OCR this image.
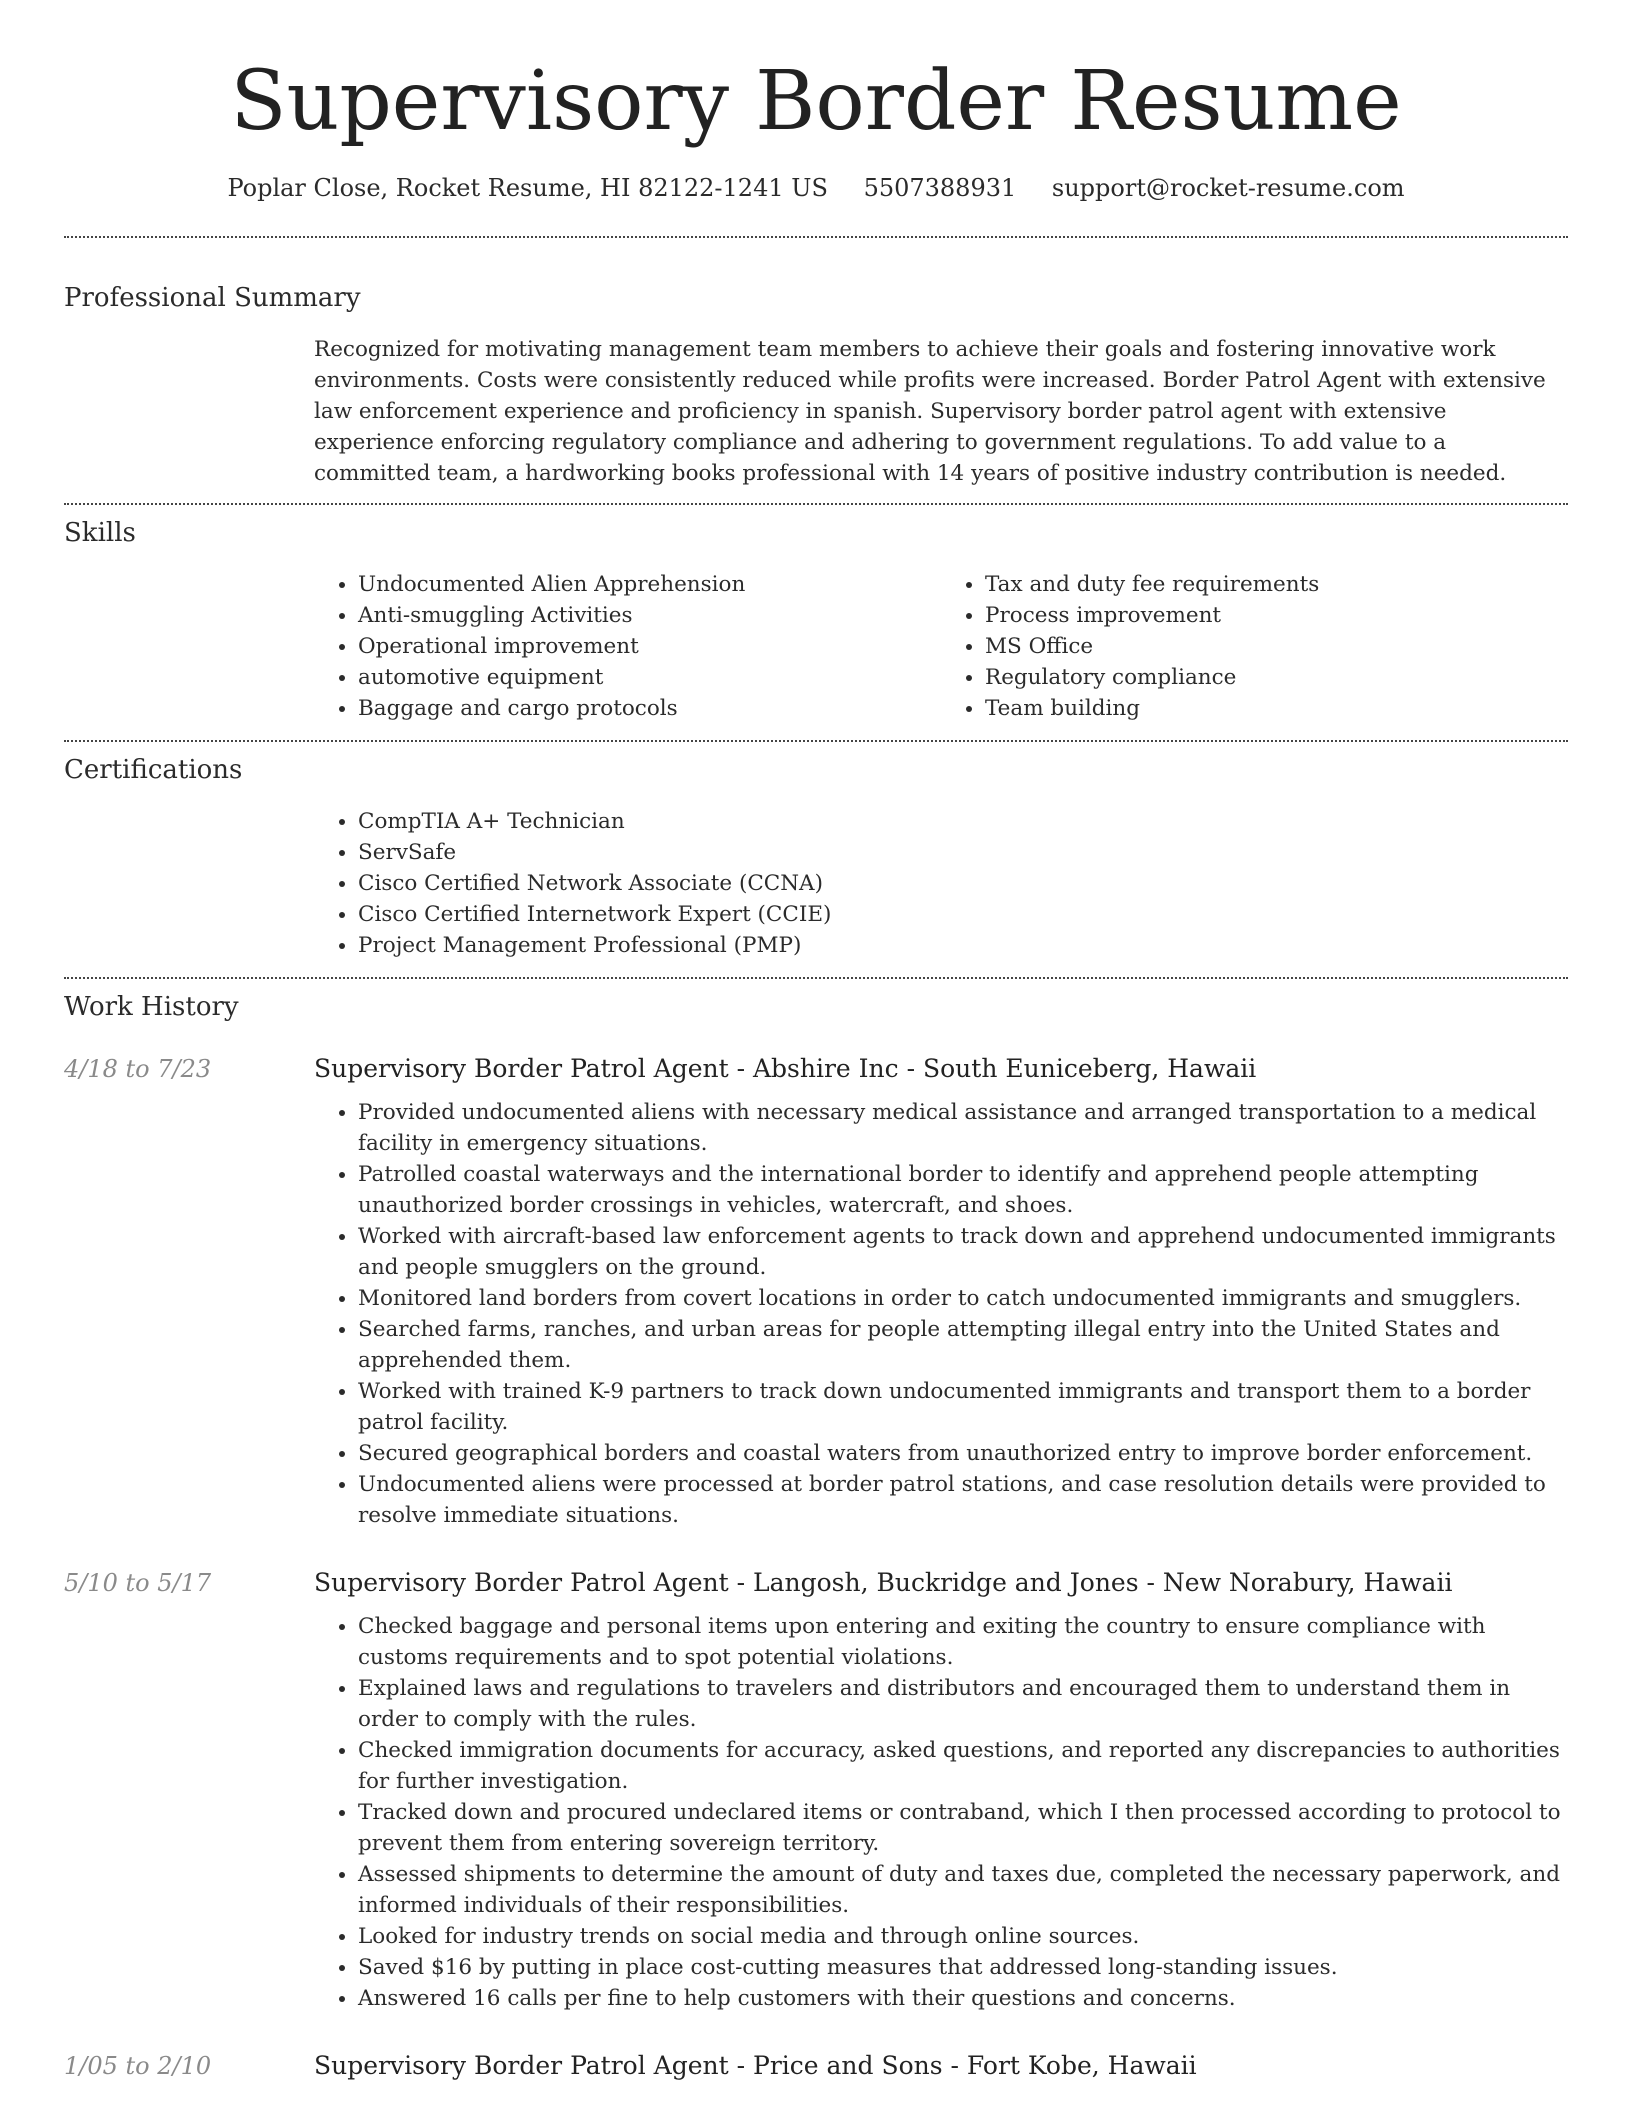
Supervisory Border Resume
Poplar Close, Rocket Resume, HI 82122-1241 US 5507388931 support@rocket-resume.com
Professional Summary

Recognized for motivating management team members to achieve their goals and fostering innovative work environments. Costs were consistently reduced while profits were increased. Border Patrol Agent with extensive law enforcement experience and proficiency in spanish. Supervisory border patrol agent with extensive experience enforcing regulatory compliance and adhering to government regulations. To add value to a committed team, a hardworking books professional with 14 years of positive industry contribution is needed.

Skills
• Undocumented Alien Apprehension
• Anti-smuggling Activities
• Operational improvement
• automotive equipment
• Baggage and cargo protocols
• Tax and duty fee requirements
• Process improvement
• MS Office
• Regulatory compliance
• Team building
Certifications
• CompTIA A+ Technician
• ServSafe
• Cisco Certified Network Associate (CCNA)
• Cisco Certified Internetwork Expert (CCIE)
• Project Management Professional (PMP)
Work History
4/18 to 7/23	Supervisory Border Patrol Agent - Abshire Inc - South Euniceberg, Hawaii
• Provided undocumented aliens with necessary medical assistance and arranged transportation to a medical facility in emergency situations.
• Patrolled coastal waterways and the international border to identify and apprehend people attempting unauthorized border crossings in vehicles, watercraft, and shoes.
• Worked with aircraft-based law enforcement agents to track down and apprehend undocumented immigrants and people smugglers on the ground.
• Monitored land borders from covert locations in order to catch undocumented immigrants and smugglers.
• Searched farms, ranches, and urban areas for people attempting illegal entry into the United States and apprehended them.
• Worked with trained K-9 partners to track down undocumented immigrants and transport them to a border patrol facility.
• Secured geographical borders and coastal waters from unauthorized entry to improve border enforcement.
• Undocumented aliens were processed at border patrol stations, and case resolution details were provided to resolve immediate situations.
5/10 to 5/17	Supervisory Border Patrol Agent - Langosh, Buckridge and Jones - New Norabury, Hawaii
• Checked baggage and personal items upon entering and exiting the country to ensure compliance with customs requirements and to spot potential violations.
• Explained laws and regulations to travelers and distributors and encouraged them to understand them in order to comply with the rules.
• Checked immigration documents for accuracy, asked questions, and reported any discrepancies to authorities for further investigation.
• Tracked down and procured undeclared items or contraband, which I then processed according to protocol to prevent them from entering sovereign territory.
• Assessed shipments to determine the amount of duty and taxes due, completed the necessary paperwork, and informed individuals of their responsibilities.
• Looked for industry trends on social media and through online sources.
• Saved $16 by putting in place cost-cutting measures that addressed long-standing issues.
• Answered 16 calls per fine to help customers with their questions and concerns.
1/05 to 2/10	Supervisory Border Patrol Agent - Price and Sons - Fort Kobe, Hawaii
